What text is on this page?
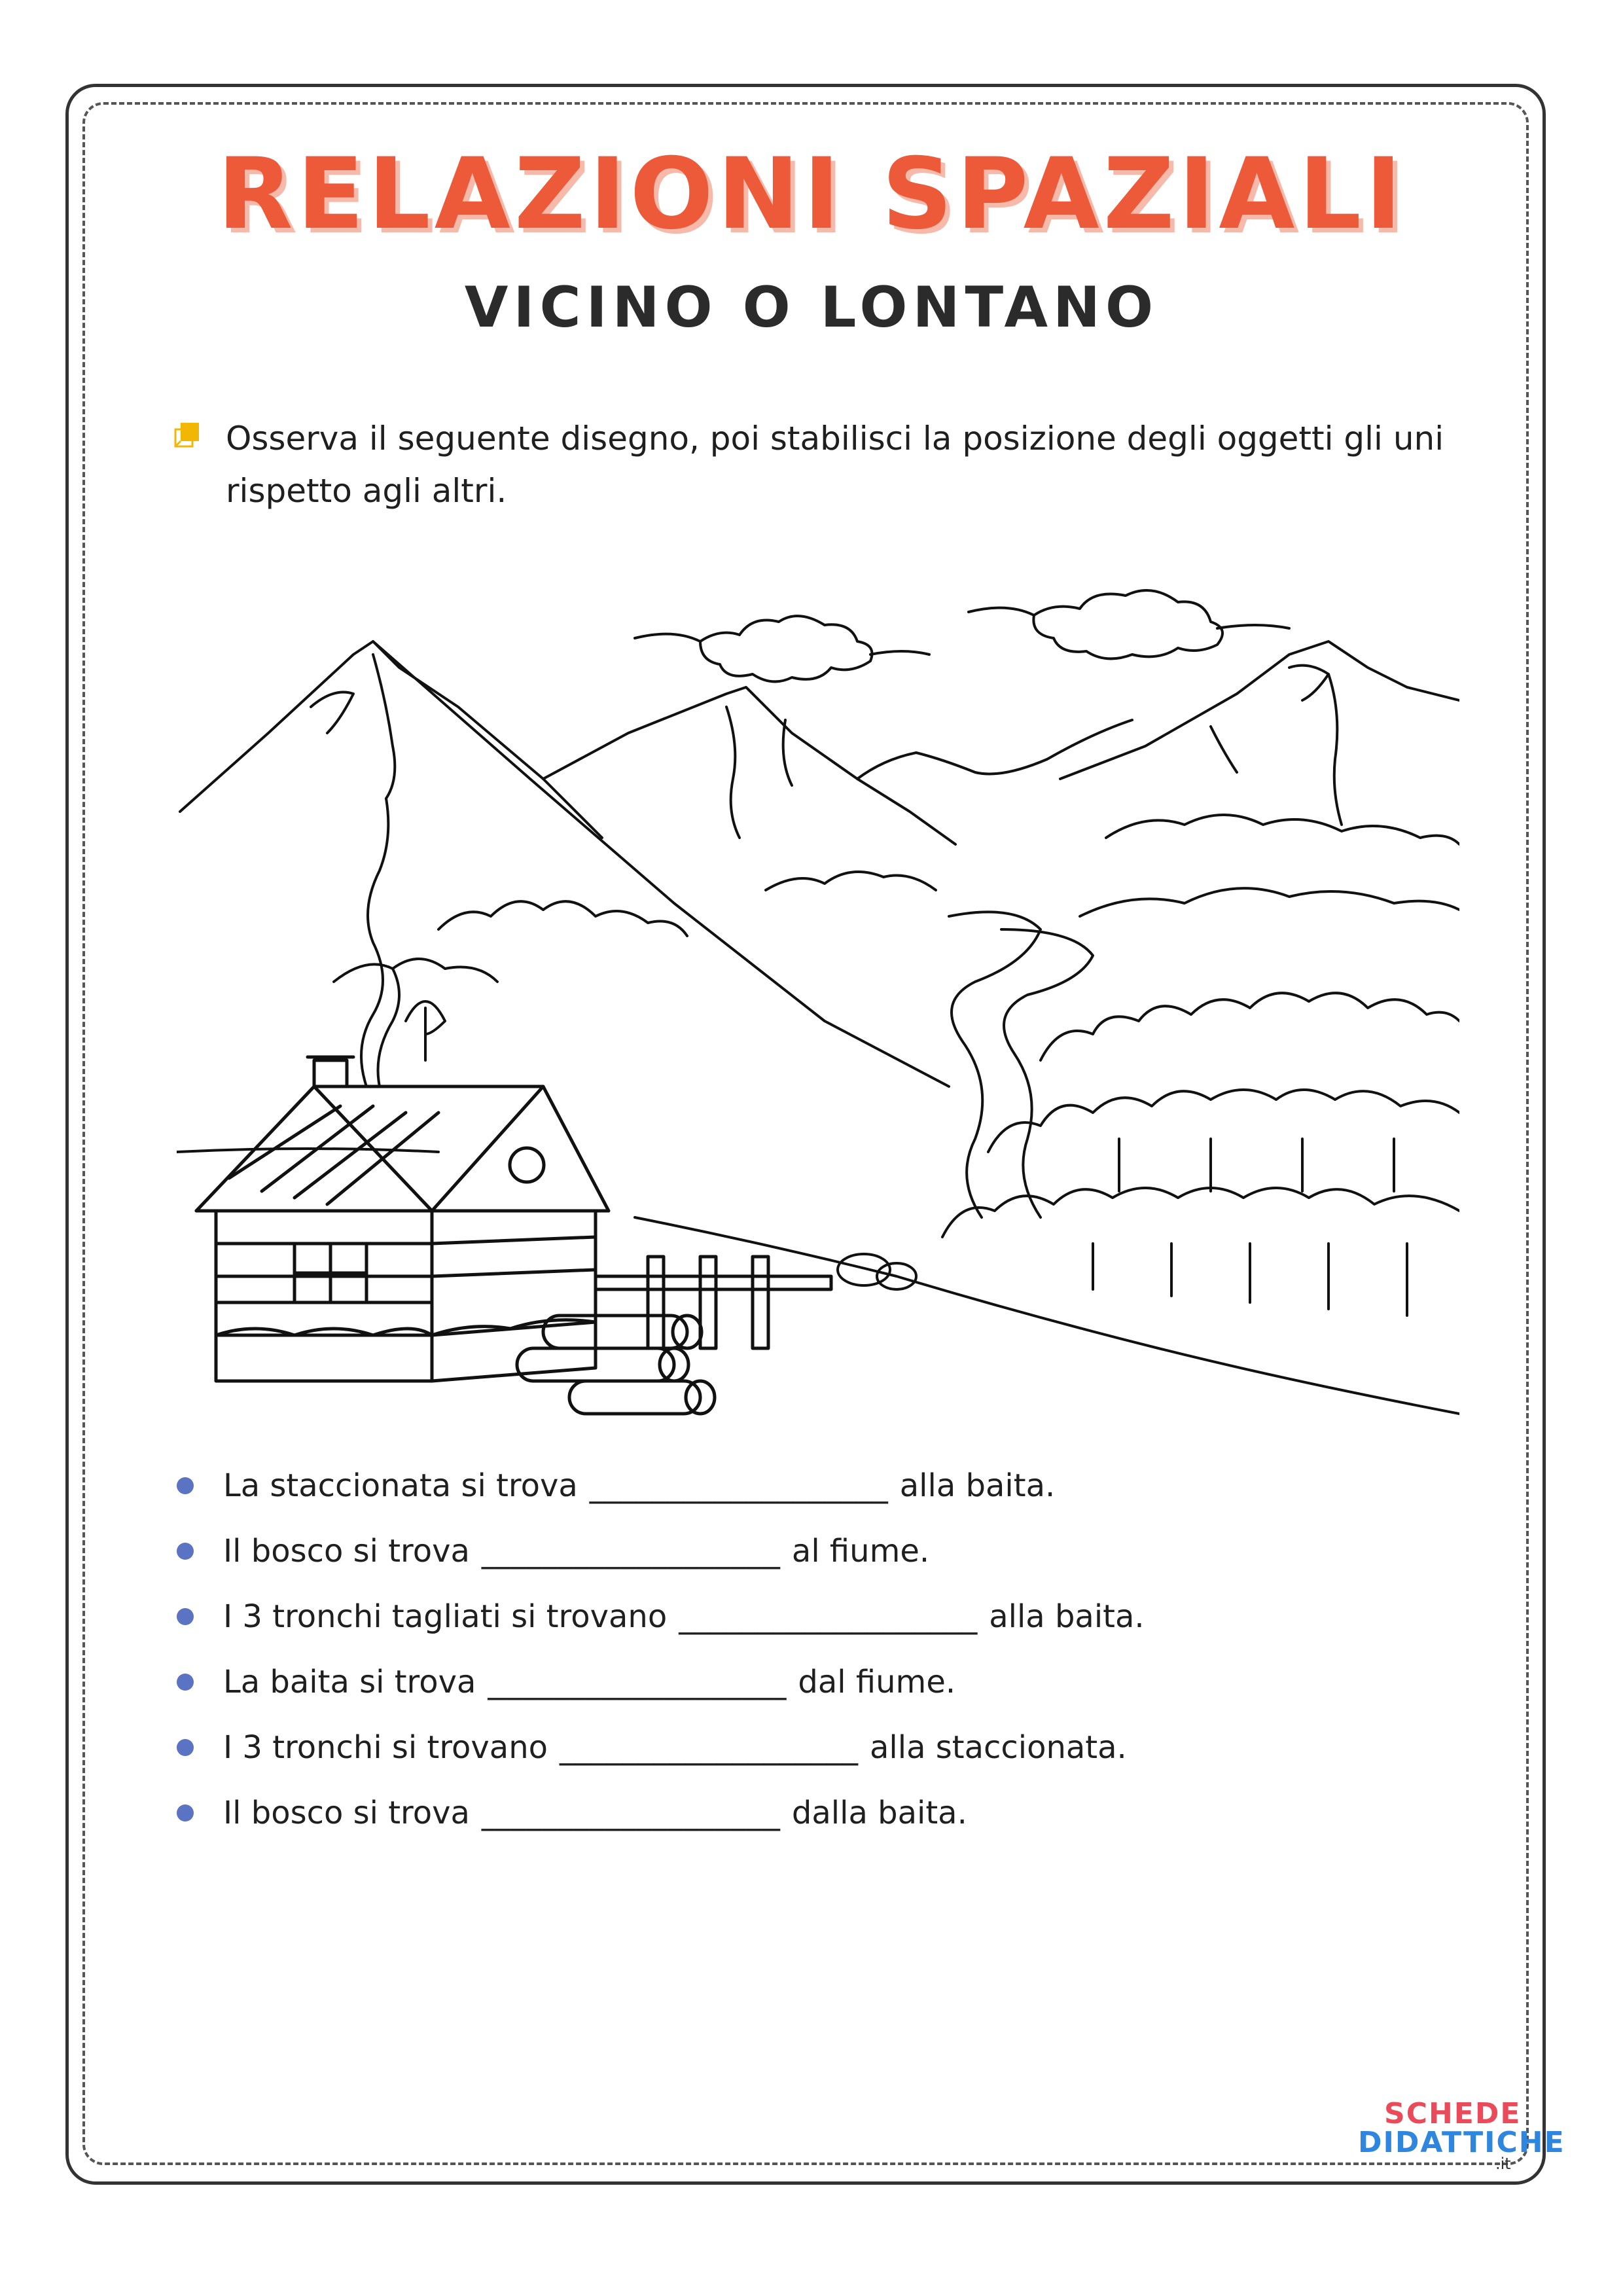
RELAZIONI SPAZIALI
VICINO O LONTANO
Osserva il seguente disegno, poi stabilisci la posizione degli oggetti gli uni rispetto agli altri.
La staccionata si trova ___________________ alla baita.
Il bosco si trova ___________________ al fiume.
I 3 tronchi tagliati si trovano ___________________ alla baita.
La baita si trova ___________________ dal fiume.
I 3 tronchi si trovano ___________________ alla staccionata.
Il bosco si trova ___________________ dalla baita.
SCHEDE
DIDATTICHE
.it
